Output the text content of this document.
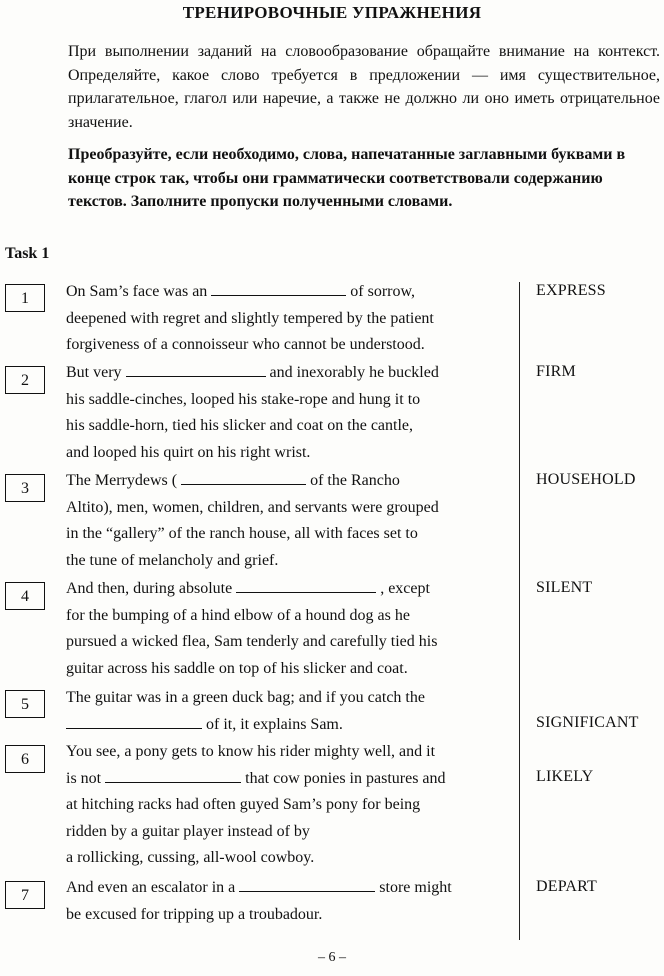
ТРЕНИРОВОЧНЫЕ УПРАЖНЕНИЯ
При выполнении заданий на словообразование обращайте внимание на контекст. Определяйте, какое слово требуется в предложении — имя существительное, прилагательное, глагол или наречие, а также не должно ли оно иметь отрицательное значение.
Преобразуйте, если необходимо, слова, напечатанные заглавными буквами в конце строк так, чтобы они грамматически соответствовали содержанию текстов. Заполните пропуски полученными словами.
Task 1
1	On Sam’s face was an	of sorrow,
deepened with regret and slightly tempered by the patient
forgiveness of a connoisseur who cannot be understood.
EXPRESS
2	But very	and inexorably he buckled
his saddle-cinches, looped his stake-rope and hung it to
his saddle-horn, tied his slicker and coat on the cantle,
and looped his quirt on his right wrist.
FIRM
3	The Merrydews (	of the Rancho
Altito), men, women, children, and servants were grouped
in the “gallery” of the ranch house, all with faces set to
the tune of melancholy and grief.
HOUSEHOLD
4	And then, during absolute	, except
for the bumping of a hind elbow of a hound dog as he
pursued a wicked flea, Sam tenderly and carefully tied his
guitar across his saddle on top of his slicker and coat.
SILENT
5	The guitar was in a green duck bag; and if you catch the
of it, it explains Sam.	SIGNIFICANT
6	You see, a pony gets to know his rider mighty well, and it
is not	that cow ponies in pastures and
at hitching racks had often guyed Sam’s pony for being
ridden by a guitar player instead of by
a rollicking, cussing, all-wool cowboy.
LIKELY
7	And even an escalator in a	store might
be excused for tripping up a troubadour.
DEPART
– 6 –
